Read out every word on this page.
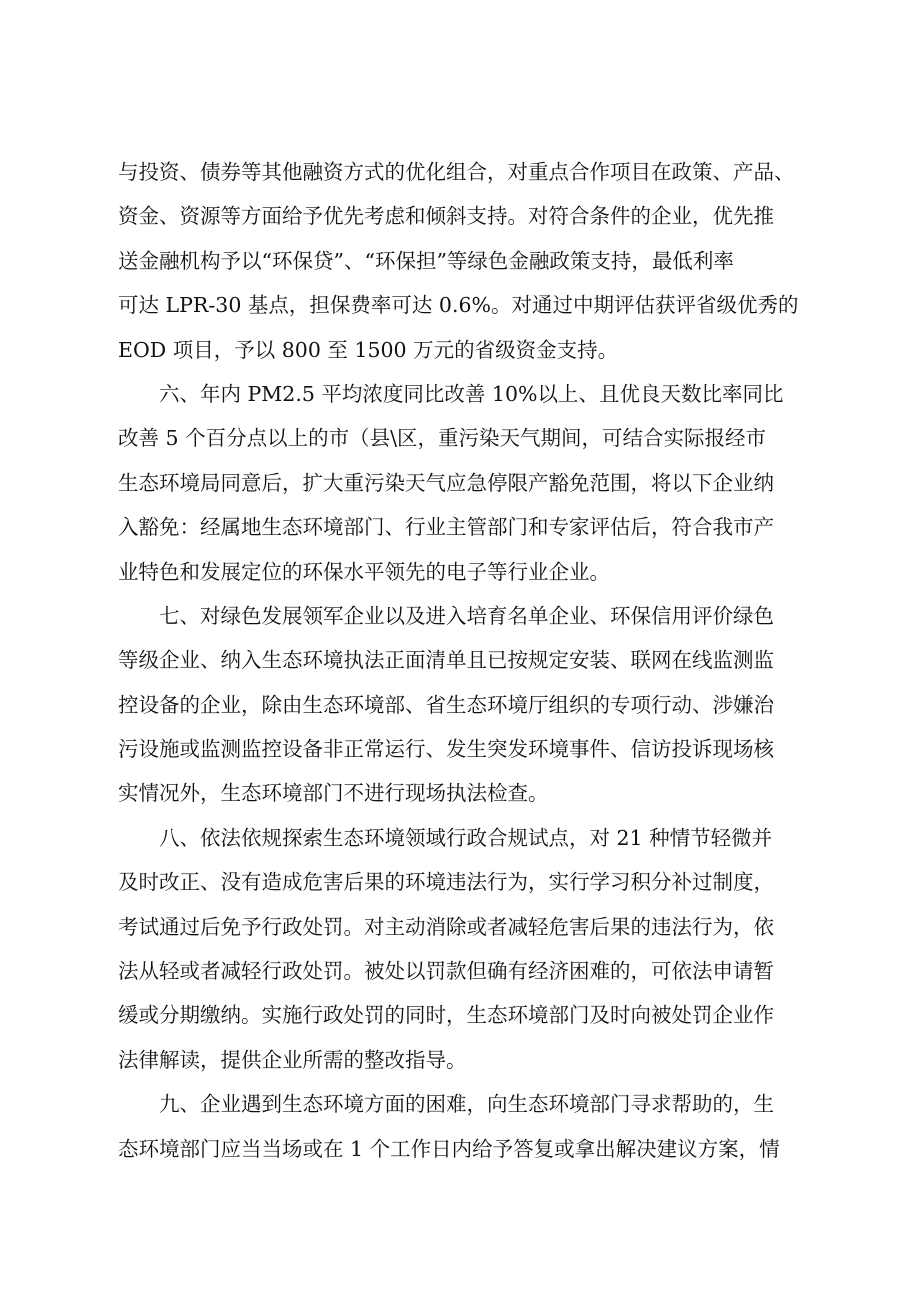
与投资、债券等其他融资方式的优化组合，对重点合作项目在政策、产品、
资金、资源等方面给予优先考虑和倾斜支持。对符合条件的企业，优先推
送金融机构予以“环保贷”、“环保担”等绿色金融政策支持，最低利率
可达 LPR-30 基点，担保费率可达 0.6%。对通过中期评估获评省级优秀的
EOD 项目，予以 800 至 1500 万元的省级资金支持。
六、年内 PM2.5 平均浓度同比改善 10%以上、且优良天数比率同比
改善 5 个百分点以上的市（县\区，重污染天气期间，可结合实际报经市
生态环境局同意后，扩大重污染天气应急停限产豁免范围，将以下企业纳
入豁免：经属地生态环境部门、行业主管部门和专家评估后，符合我市产
业特色和发展定位的环保水平领先的电子等行业企业。
七、对绿色发展领军企业以及进入培育名单企业、环保信用评价绿色
等级企业、纳入生态环境执法正面清单且已按规定安装、联网在线监测监
控设备的企业，除由生态环境部、省生态环境厅组织的专项行动、涉嫌治
污设施或监测监控设备非正常运行、发生突发环境事件、信访投诉现场核
实情况外，生态环境部门不进行现场执法检查。
八、依法依规探索生态环境领域行政合规试点，对 21 种情节轻微并
及时改正、没有造成危害后果的环境违法行为，实行学习积分补过制度，
考试通过后免予行政处罚。对主动消除或者减轻危害后果的违法行为，依
法从轻或者减轻行政处罚。被处以罚款但确有经济困难的，可依法申请暂
缓或分期缴纳。实施行政处罚的同时，生态环境部门及时向被处罚企业作
法律解读，提供企业所需的整改指导。
九、企业遇到生态环境方面的困难，向生态环境部门寻求帮助的，生
态环境部门应当当场或在 1 个工作日内给予答复或拿出解决建议方案，情
